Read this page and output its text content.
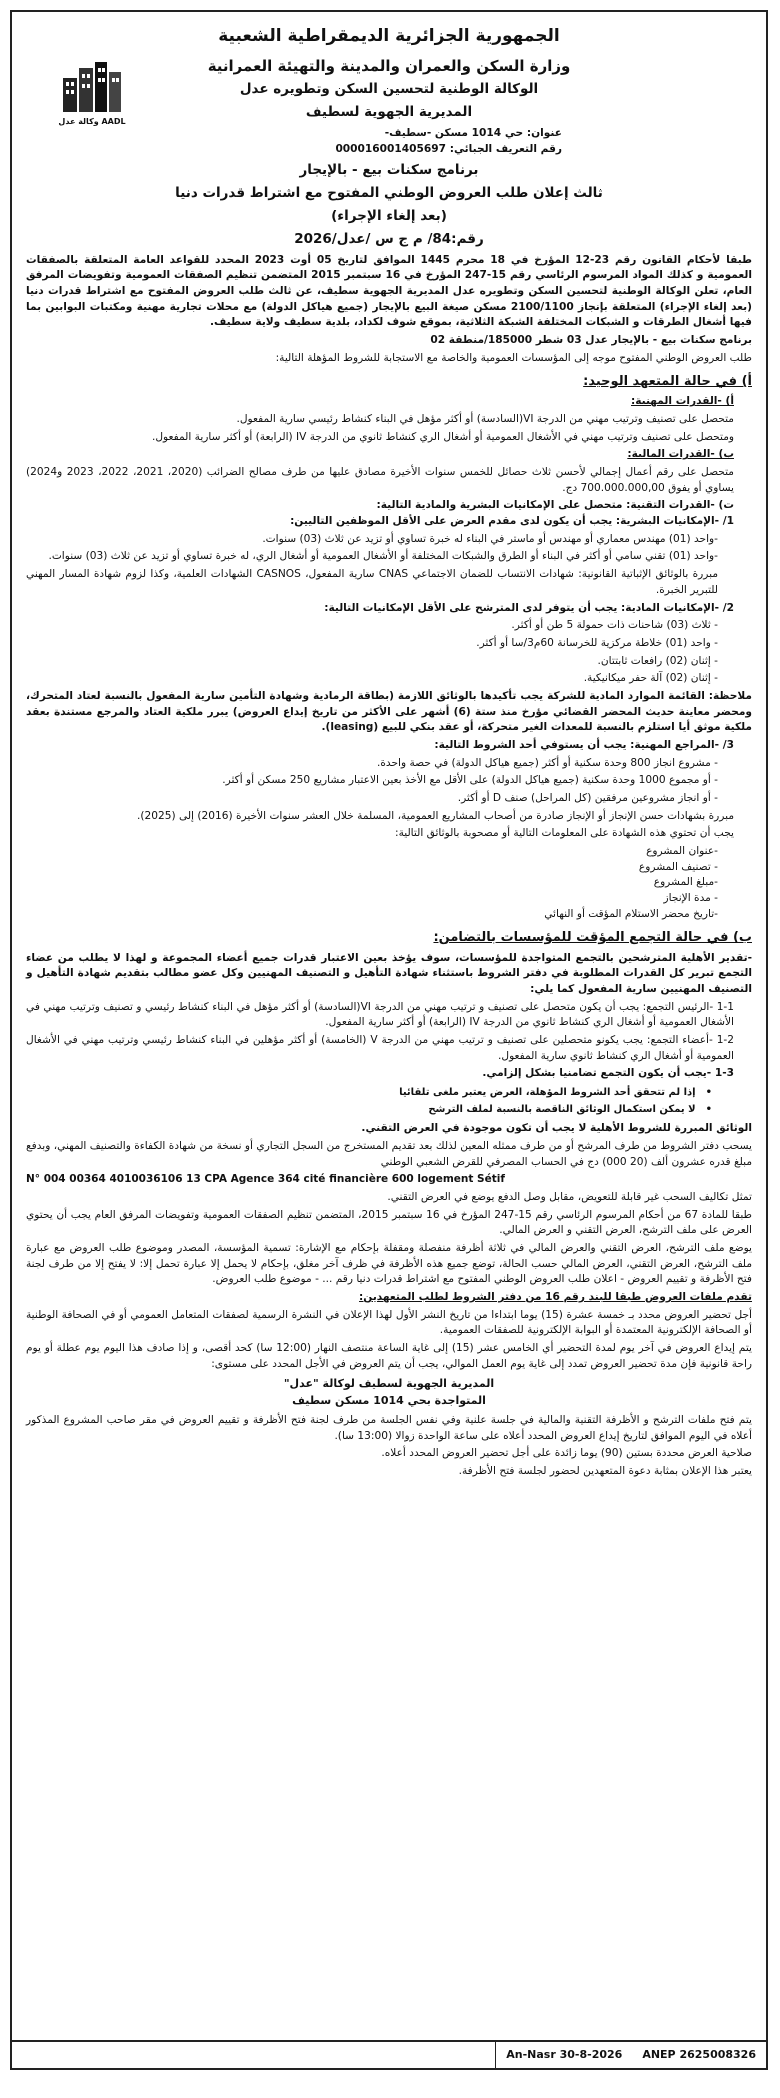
وكالة عدل AADL
الجمهورية الجزائرية الديمقراطية الشعبية
وزارة السكن والعمران والمدينة والتهيئة العمرانية
الوكالة الوطنية لتحسين السكن وتطويره عدل
المديرية الجهوية لسطيف
عنوان: حي 1014 مسكن -سطيف-
رقم التعريف الجبائي: 000016001405697
برنامج سكنات بيع - بالإيجار
ثالث إعلان طلب العروض الوطني المفتوح مع اشتراط قدرات دنيا
(بعد إلغاء الإجراء)
رقم:84/ م ج س /عدل/2026

طبقا لأحكام القانون رقم 23-12 المؤرخ في 18 محرم 1445 الموافق لتاريخ 05 أوت 2023 المحدد للقواعد العامة المتعلقة بالصفقات العمومية و كذلك المواد المرسوم الرئاسي رقم 15-247 المؤرخ في 16 سبتمبر 2015 المتضمن تنظيم الصفقات العمومية وتفويضات المرفق العام، تعلن الوكالة الوطنية لتحسين السكن وتطويره عدل المديرية الجهوية سطيف، عن ثالث طلب العروض المفتوح مع اشتراط قدرات دنيا (بعد إلغاء الإجراء) المتعلقة بإنجاز 2100/1100 مسكن صيغة البيع بالإيجار (جميع هياكل الدولة) مع محلات تجارية مهنية ومكتبات البوابين بما فيها أشغال الطرقات و الشبكات المختلفة الشبكة الثلاثية، بموقع شوف لكداد، بلدية سطيف ولاية سطيف.

برنامج سكنات بيع - بالإيجار عدل 03 شطر 185000/منطقة 02

طلب العروض الوطني المفتوح موجه إلى المؤسسات العمومية والخاصة مع الاستجابة للشروط المؤهلة التالية:

أ) في حالة المتعهد الوحيد:
أ) -القدرات المهنية:

متحصل على تصنيف وترتيب مهني من الدرجة VI(السادسة) أو أكثر مؤهل في البناء كنشاط رئيسي سارية المفعول.

ومتحصل على تصنيف وترتيب مهني في الأشغال العمومية أو أشغال الري كنشاط ثانوي من الدرجة IV (الرابعة) أو أكثر سارية المفعول.

ب) -القدرات المالية:

متحصل على رقم أعمال إجمالي لأحسن ثلاث حصائل للخمس سنوات الأخيرة مصادق عليها من طرف مصالح الضرائب (2020، 2021، 2022، 2023 و2024) يساوي أو يفوق 700.000.000,00 دج.

ت) -القدرات التقنية: متحصل على الإمكانيات البشرية والمادية التالية:
1/ -الإمكانيات البشرية: يجب أن يكون لدى مقدم العرض على الأقل الموظفين التاليين:

-واحد (01) مهندس معماري أو مهندس أو ماستر في البناء له خبرة تساوي أو تزيد عن ثلاث (03) سنوات.

-واحد (01) تقني سامي أو أكثر في البناء أو الطرق والشبكات المختلفة أو الأشغال العمومية أو أشغال الري، له خبرة تساوي أو تزيد عن ثلاث (03) سنوات.

مبررة بالوثائق الإثباتية القانونية: شهادات الانتساب للضمان الاجتماعي CNAS سارية المفعول، CASNOS الشهادات العلمية، وكذا لزوم شهادة المسار المهني للتبرير الخبرة.

2/ -الإمكانيات المادية: يجب أن يتوفر لدى المترشح على الأقل الإمكانيات التالية:

- ثلاث (03) شاحنات ذات حمولة 5 طن أو أكثر.

- واحد (01) خلاطة مركزية للخرسانة 60م3/سا أو أكثر.

- إثنان (02) رافعات ثابتتان.

- إثنان (02) آلة حفر ميكانيكية.

ملاحظة: القائمة الموارد المادية للشركة يجب تأكيدها بالوثائق اللازمة (بطاقة الرمادية وشهادة التأمين سارية المفعول بالنسبة لعتاد المتحرك، ومحضر معاينة حديث المحضر القضائي مؤرخ منذ ستة (6) أشهر على الأكثر من تاريخ إيداع العروض) يبرر ملكية العتاد والمرجع مستندة بعقد ملكية موثق أيا استلزم بالنسبة للمعدات الغير متحركة، أو عقد بنكي للبيع (leasing).

3/ -المراجع المهنية: يجب أن يستوفي أحد الشروط التالية:

- مشروع انجاز 800 وحدة سكنية أو أكثر (جميع هياكل الدولة) في حصة واحدة.

- أو مجموع 1000 وحدة سكنية (جميع هياكل الدولة) على الأقل مع الأخذ بعين الاعتبار مشاريع 250 مسكن أو أكثر.

- أو انجاز مشروعين مرفقين (كل المراحل) صنف D أو أكثر.

مبررة بشهادات حسن الإنجاز أو الإنجاز صادرة من أصحاب المشاريع العمومية، المسلمة خلال العشر سنوات الأخيرة (2016) إلى (2025).

يجب أن تحتوي هذه الشهادة على المعلومات التالية أو مصحوبة بالوثائق التالية:

-عنوان المشروع
- تصنيف المشروع
-مبلغ المشروع
- مدة الإنجاز
-تاريخ محضر الاستلام المؤقت أو النهائي
ب) في حالة التجمع المؤقت للمؤسسات بالتضامن:

-تقدير الأهلية المترشحين بالتجمع المتواجدة للمؤسسات، سوف يؤخذ بعين الاعتبار قدرات جميع أعضاء المجموعة و لهذا لا يطلب من عضاء التجمع تبرير كل القدرات المطلوبة في دفتر الشروط باستثناء شهادة التأهيل و التصنيف المهنيين وكل عضو مطالب بتقديم شهادة التأهيل و التصنيف المهنيين سارية المفعول كما يلي:

1-1 -الرئيس التجمع: يجب أن يكون متحصل على تصنيف و ترتيب مهني من الدرجة VI(السادسة) أو أكثر مؤهل في البناء كنشاط رئيسي و تصنيف وترتيب مهني في الأشغال العمومية أو أشغال الري كنشاط ثانوي من الدرجة IV (الرابعة) أو أكثر سارية المفعول.

1-2 -أعضاء التجمع: يجب يكونو متحصلين على تصنيف و ترتيب مهني من الدرجة V (الخامسة) أو أكثر مؤهلين في البناء كنشاط رئيسي وترتيب مهني في الأشغال العمومية أو أشغال الري كنشاط ثانوي سارية المفعول.

1-3 -يجب أن يكون التجمع تضامنيا بشكل إلزامي.

• إذا لم تتحقق أحد الشروط المؤهلة، العرض يعتبر ملغى تلقائيا
• لا يمكن استكمال الوثائق الناقصة بالنسبة لملف الترشح

الوثائق المبررة للشروط الأهلية لا يجب أن تكون موجودة في العرض التقني.

يسحب دفتر الشروط من طرف المرشح أو من طرف ممثله المعين لذلك بعد تقديم المستخرج من السجل التجاري أو نسخة من شهادة الكفاءة والتصنيف المهني، وبدفع مبلغ قدره عشرون ألف (20 000) دج في الحساب المصرفي للقرض الشعبي الوطني

N° 004 00364 4010036106 13 CPA Agence 364 cité financière 600 logement Sétif

تمثل تكاليف السحب غير قابلة للتعويض، مقابل وصل الدفع يوضع في العرض التقني.

طبقا للمادة 67 من أحكام المرسوم الرئاسي رقم 15-247 المؤرخ في 16 سبتمبر 2015، المتضمن تنظيم الصفقات العمومية وتفويضات المرفق العام يجب أن يحتوي العرض على ملف الترشح، العرض التقني و العرض المالي.

يوضع ملف الترشح، العرض التقني والعرض المالي في ثلاثة أظرفة منفصلة ومقفلة بإحكام مع الإشارة: تسمية المؤسسة، المصدر وموضوع طلب العروض مع عبارة ملف الترشح، العرض التقني، العرض المالي حسب الحالة، توضع جميع هذه الأظرفة في ظرف آخر مغلق، بإحكام لا يحمل إلا عبارة تحمل إلا: لا يفتح إلا من طرف لجنة فتح الأظرفة و تقييم العروض - اعلان طلب العروض الوطني المفتوح مع اشتراط قدرات دنيا رقم ... - موضوع طلب العروض.

تقدم ملفات العروض طبقا للبند رقم 16 من دفتر الشروط لطلب المتعهدين:

أجل تحضير العروض محدد بـ خمسة عشرة (15) يوما ابتداءا من تاريخ النشر الأول لهذا الإعلان في النشرة الرسمية لصفقات المتعامل العمومي أو في الصحافة الوطنية أو الصحافة الإلكترونية المعتمدة أو البوابة الإلكترونية للصفقات العمومية.

يتم إيداع العروض في آخر يوم لمدة التحضير أي الخامس عشر (15) إلى غاية الساعة منتصف النهار (12:00 سا) كحد أقصى، و إذا صادف هذا اليوم يوم عطلة أو يوم راحة قانونية فإن مدة تحضير العروض تمدد إلى غاية يوم العمل الموالي، يجب أن يتم العروض في الأجل المحدد على مستوى:

المديرية الجهوية لسطيف لوكالة "عدل"
المتواجدة بحي 1014 مسكن سطيف

يتم فتح ملفات الترشح و الأظرفة التقنية والمالية في جلسة علنية وفي نفس الجلسة من طرف لجنة فتح الأظرفة و تقييم العروض في مقر صاحب المشروع المذكور أعلاه في اليوم الموافق لتاريخ إيداع العروض المحدد أعلاه على ساعة الواحدة زوالا (13:00 سا).

صلاحية العرض محددة بستين (90) يوما زائدة على أجل تحضير العروض المحدد أعلاه.

يعتبر هذا الإعلان بمثابة دعوة المتعهدين لحضور لجلسة فتح الأظرفة.

An-Nasr 30-8-2026	ANEP 2625008326
